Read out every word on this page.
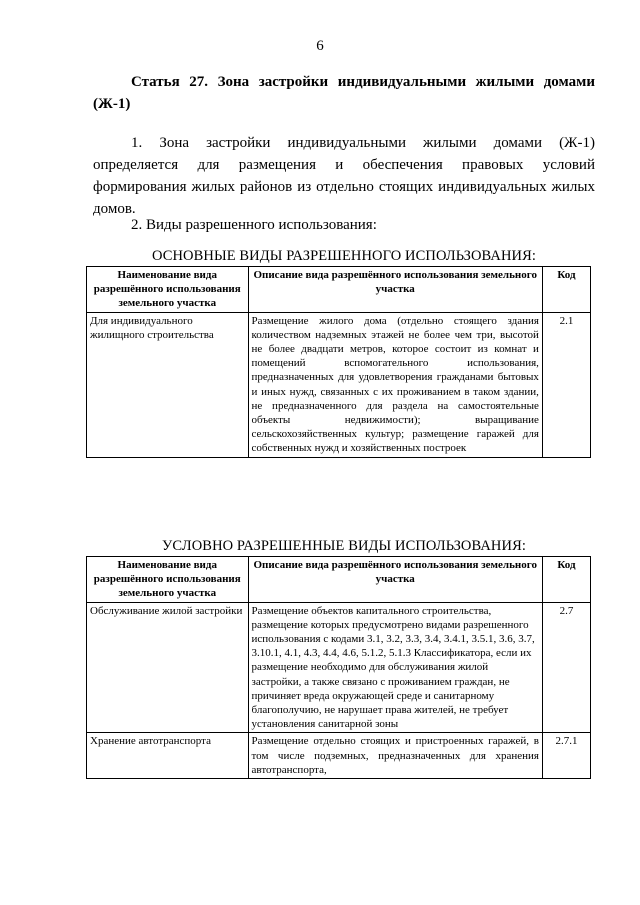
6
Статья 27. Зона застройки индивидуальными жилыми домами (Ж-1)
1. Зона застройки индивидуальными жилыми домами (Ж-1) определяется для размещения и обеспечения правовых условий формирования жилых районов из отдельно стоящих индивидуальных жилых домов.
2. Виды разрешенного использования:
ОСНОВНЫЕ ВИДЫ РАЗРЕШЕННОГО ИСПОЛЬЗОВАНИЯ:
Наименование вида разрешённого использования земельного участка	Описание вида разрешённого использования земельного участка	Код
Для индивидуального жилищного строительства	Размещение жилого дома (отдельно стоящего здания количеством надземных этажей не более чем три, высотой не более двадцати метров, которое состоит из комнат и помещений вспомогательного использования, предназначенных для удовлетворения гражданами бытовых и иных нужд, связанных с их проживанием в таком здании, не предназначенного для раздела на самостоятельные объекты недвижимости); выращивание сельскохозяйственных культур; размещение гаражей для собственных нужд и хозяйственных построек	2.1
УСЛОВНО РАЗРЕШЕННЫЕ ВИДЫ ИСПОЛЬЗОВАНИЯ:
Наименование вида разрешённого использования земельного участка	Описание вида разрешённого использования земельного участка	Код
Обслуживание жилой застройки	Размещение объектов капитального строительства, размещение которых предусмотрено видами разрешенного использования с кодами 3.1, 3.2, 3.3, 3.4, 3.4.1, 3.5.1, 3.6, 3.7, 3.10.1, 4.1, 4.3, 4.4, 4.6, 5.1.2, 5.1.3 Классификатора, если их размещение необходимо для обслуживания жилой застройки, а также связано с проживанием граждан, не причиняет вреда окружающей среде и санитарному благополучию, не нарушает права жителей, не требует установления санитарной зоны	2.7
Хранение автотранспорта	Размещение отдельно стоящих и пристроенных гаражей, в том числе подземных, предназначенных для хранения автотранспорта,	2.7.1
